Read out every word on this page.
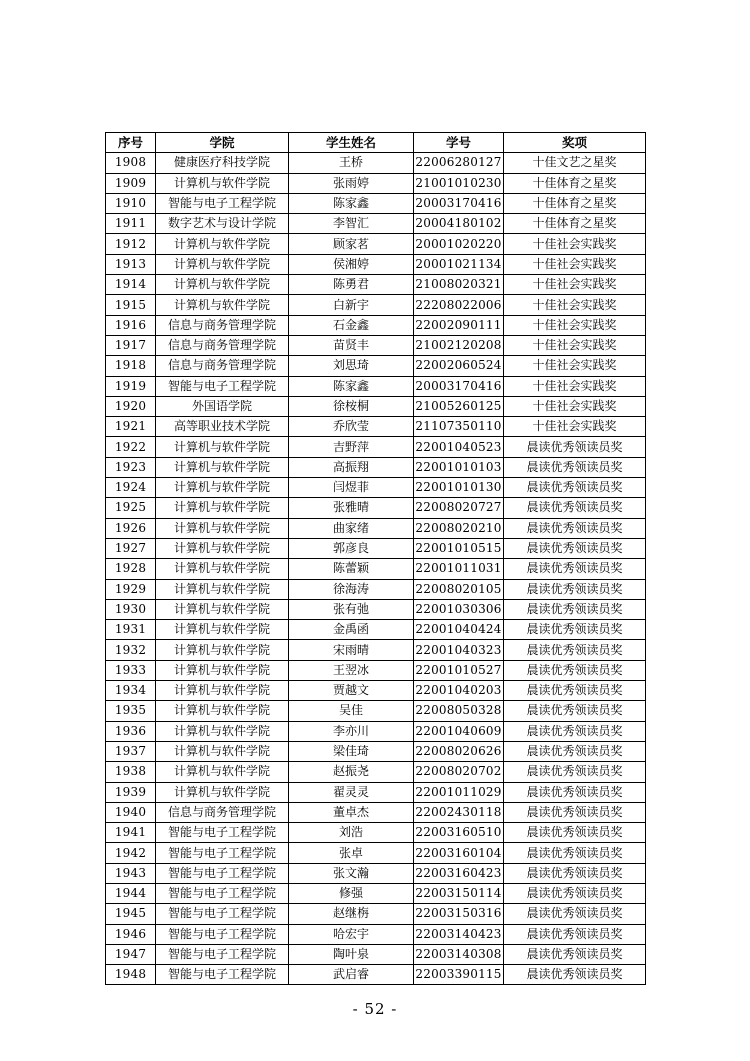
序号	学院	学生姓名	学号	奖项
1908	健康医疗科技学院	王桥	22006280127	十佳文艺之星奖
1909	计算机与软件学院	张雨婷	21001010230	十佳体育之星奖
1910	智能与电子工程学院	陈家鑫	20003170416	十佳体育之星奖
1911	数字艺术与设计学院	李智汇	20004180102	十佳体育之星奖
1912	计算机与软件学院	顾家茗	20001020220	十佳社会实践奖
1913	计算机与软件学院	侯湘婷	20001021134	十佳社会实践奖
1914	计算机与软件学院	陈勇君	21008020321	十佳社会实践奖
1915	计算机与软件学院	白新宇	22208022006	十佳社会实践奖
1916	信息与商务管理学院	石金鑫	22002090111	十佳社会实践奖
1917	信息与商务管理学院	苗贤丰	21002120208	十佳社会实践奖
1918	信息与商务管理学院	刘思琦	22002060524	十佳社会实践奖
1919	智能与电子工程学院	陈家鑫	20003170416	十佳社会实践奖
1920	外国语学院	徐桉桐	21005260125	十佳社会实践奖
1921	高等职业技术学院	乔欣莹	21107350110	十佳社会实践奖
1922	计算机与软件学院	吉野萍	22001040523	晨读优秀领读员奖
1923	计算机与软件学院	高振翔	22001010103	晨读优秀领读员奖
1924	计算机与软件学院	闫煜菲	22001010130	晨读优秀领读员奖
1925	计算机与软件学院	张雅晴	22008020727	晨读优秀领读员奖
1926	计算机与软件学院	曲家绪	22008020210	晨读优秀领读员奖
1927	计算机与软件学院	郭彦良	22001010515	晨读优秀领读员奖
1928	计算机与软件学院	陈蕾颖	22001011031	晨读优秀领读员奖
1929	计算机与软件学院	徐海涛	22008020105	晨读优秀领读员奖
1930	计算机与软件学院	张有弛	22001030306	晨读优秀领读员奖
1931	计算机与软件学院	金禹函	22001040424	晨读优秀领读员奖
1932	计算机与软件学院	宋雨晴	22001040323	晨读优秀领读员奖
1933	计算机与软件学院	王翌冰	22001010527	晨读优秀领读员奖
1934	计算机与软件学院	贾越文	22001040203	晨读优秀领读员奖
1935	计算机与软件学院	吴佳	22008050328	晨读优秀领读员奖
1936	计算机与软件学院	李亦川	22001040609	晨读优秀领读员奖
1937	计算机与软件学院	梁佳琦	22008020626	晨读优秀领读员奖
1938	计算机与软件学院	赵振尧	22008020702	晨读优秀领读员奖
1939	计算机与软件学院	翟灵灵	22001011029	晨读优秀领读员奖
1940	信息与商务管理学院	董卓杰	22002430118	晨读优秀领读员奖
1941	智能与电子工程学院	刘浩	22003160510	晨读优秀领读员奖
1942	智能与电子工程学院	张卓	22003160104	晨读优秀领读员奖
1943	智能与电子工程学院	张文瀚	22003160423	晨读优秀领读员奖
1944	智能与电子工程学院	修强	22003150114	晨读优秀领读员奖
1945	智能与电子工程学院	赵继栴	22003150316	晨读优秀领读员奖
1946	智能与电子工程学院	哈宏宇	22003140423	晨读优秀领读员奖
1947	智能与电子工程学院	陶叶泉	22003140308	晨读优秀领读员奖
1948	智能与电子工程学院	武启睿	22003390115	晨读优秀领读员奖
- 52 -
